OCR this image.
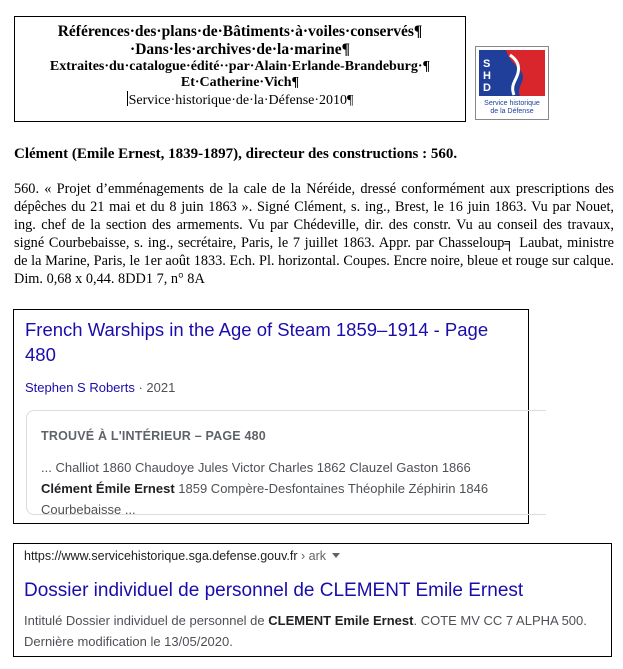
Références·des·plans·de·Bâtiments·à·voiles·conservés¶
·Dans·les·archives·de·la·marine¶
Extraites·du·catalogue·édité··par·Alain·Erlande-Brandeburg·¶
Et·Catherine·Vich¶
Service·historique·de·la·Défense·2010¶
S
H
D
Service historique
de la Défense
Clément (Emile Ernest, 1839-1897), directeur des constructions : 560.
560. « Projet d’emménagements de la cale de la Néréide, dressé conformément aux prescriptions des dépêches du 21 mai et du 8 juin 1863 ». Signé Clément, s. ing., Brest, le 16 juin 1863. Vu par Nouet, ing. chef de la section des armements. Vu par Chédeville, dir. des constr. Vu au conseil des travaux, signé Courbebaisse, s. ing., secrétaire, Paris, le 7 juillet 1863. Appr. par Chasseloup╕ Laubat, ministre de la Marine, Paris, le 1er août 1833. Ech. Pl. horizontal. Coupes. Encre noire, bleue et rouge sur calque. Dim. 0,68 x 0,44. 8DD1 7, n° 8A
French Warships in the Age of Steam 1859–1914 - Page 480
Stephen S Roberts · 2021
TROUVÉ À L'INTÉRIEUR – PAGE 480
... Challiot 1860 Chaudoye Jules Victor Charles 1862 Clauzel Gaston 1866 Clément Émile Ernest 1859 Compère-Desfontaines Théophile Zéphirin 1846 Courbebaisse ...
https://www.servicehistorique.sga.defense.gouv.fr › ark
Dossier individuel de personnel de CLEMENT Emile Ernest
Intitulé Dossier individuel de personnel de CLEMENT Emile Ernest. COTE MV CC 7 ALPHA 500. Dernière modification le 13/05/2020.
